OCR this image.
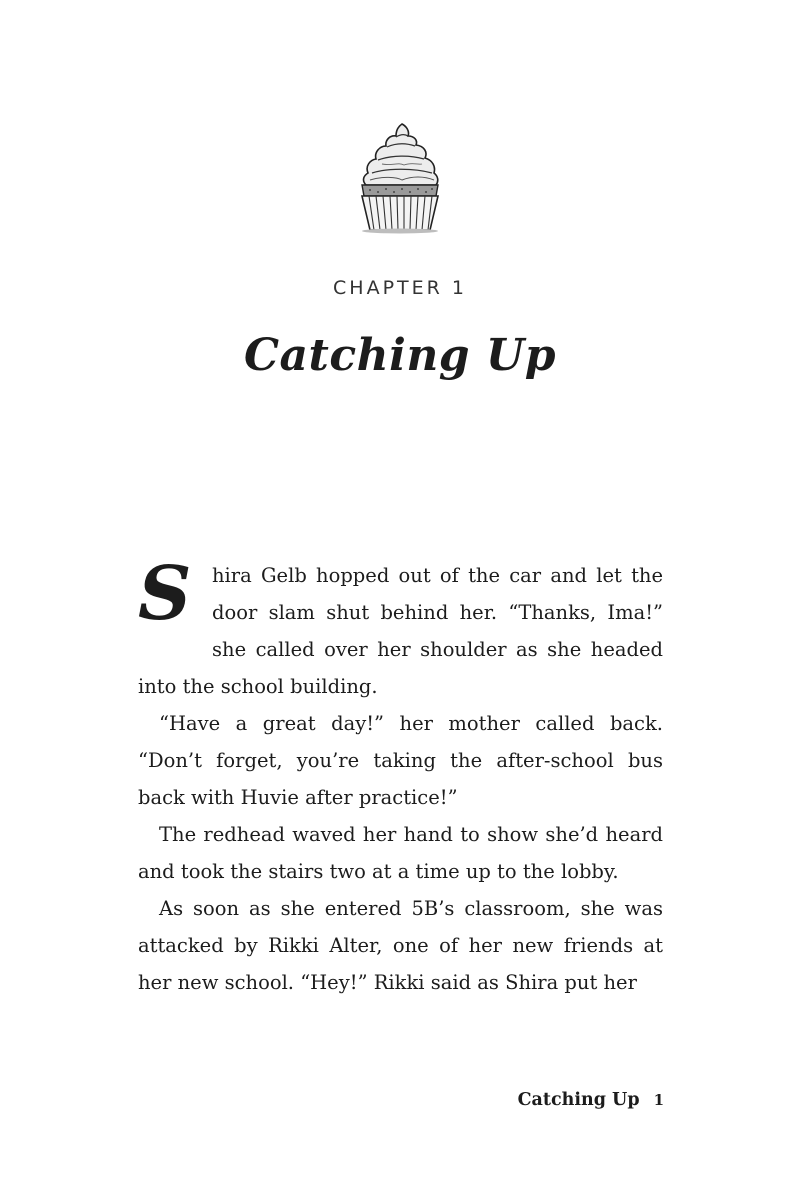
CHAPTER 1
Catching Up

S	hira Gelb hopped out of the car and let the door slam shut behind her. “Thanks, Ima!” she called over her shoulder as she headed into the school building.

“Have a great day!” her mother called back. “Don’t forget, you’re taking the after-school bus back with Huvie after practice!”

The redhead waved her hand to show she’d heard and took the stairs two at a time up to the lobby.

As soon as she entered 5B’s classroom, she was attacked by Rikki Alter, one of her new friends at her new school. “Hey!” Rikki said as Shira put her

Catching Up 1
